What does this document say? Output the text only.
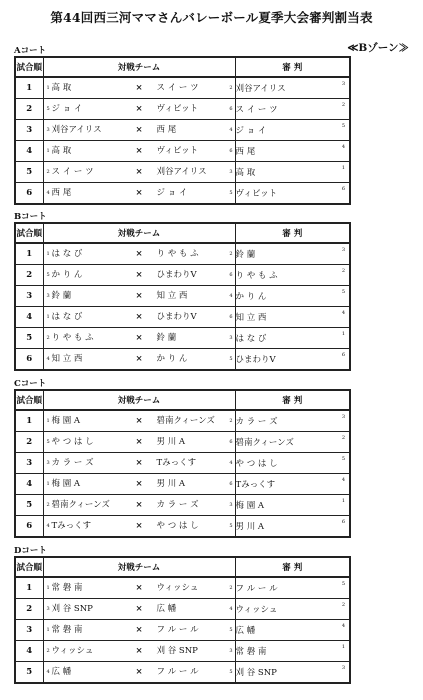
第44回西三河ママさんバレーボール夏季大会審判割当表
≪Bゾーン≫
Aコート
試合順	対戦チーム	審 判
1	1 高 取 × ス イ ー ツ 2	刈谷アイリス 3

2	5 ジ ョ イ × ヴィビット 6	ス イ ー ツ 2

3	3 刈谷アイリス × 西 尾 4	ジ ョ イ 5

4	1 高 取 × ヴィビット 6	西 尾 4

5	2 ス イ ー ツ × 刈谷アイリス 3	高 取 1

6	4 西 尾 × ジ ョ イ 5	ヴィビット 6
Bコート
試合順	対戦チーム	審 判
1	1 は な び × り や も ふ 2	鈴 蘭 3

2	5 か り ん × ひまわりV 6	り や も ふ 2

3	3 鈴 蘭 × 知 立 西 4	か り ん 5

4	1 は な び × ひまわりV 6	知 立 西 4

5	2 り や も ふ × 鈴 蘭 3	は な び 1

6	4 知 立 西 × か り ん 5	ひまわりV 6
Cコート
試合順	対戦チーム	審 判
1	1 梅 園 A × 碧南クィーンズ 2	カ ラ ー ズ 3

2	5 や つ は し × 男 川 A 6	碧南クィーンズ 2

3	3 カ ラ ー ズ × Tみっくす 4	や つ は し 5

4	1 梅 園 A × 男 川 A 6	Tみっくす 4

5	2 碧南クィーンズ × カ ラ ー ズ 3	梅 園 A 1

6	4 Tみっくす × や つ は し 5	男 川 A 6
Dコート
試合順	対戦チーム	審 判
1	1 常 磐 南 × ウィッシュ 2	フ ル ー ル 5

2	3 刈 谷 SNP × 広 幡 4	ウィッシュ 2

3	1 常 磐 南 × フ ル ー ル 5	広 幡 4

4	2 ウィッシュ × 刈 谷 SNP 3	常 磐 南 1

5	4 広 幡 × フ ル ー ル 5	刈 谷 SNP 3
